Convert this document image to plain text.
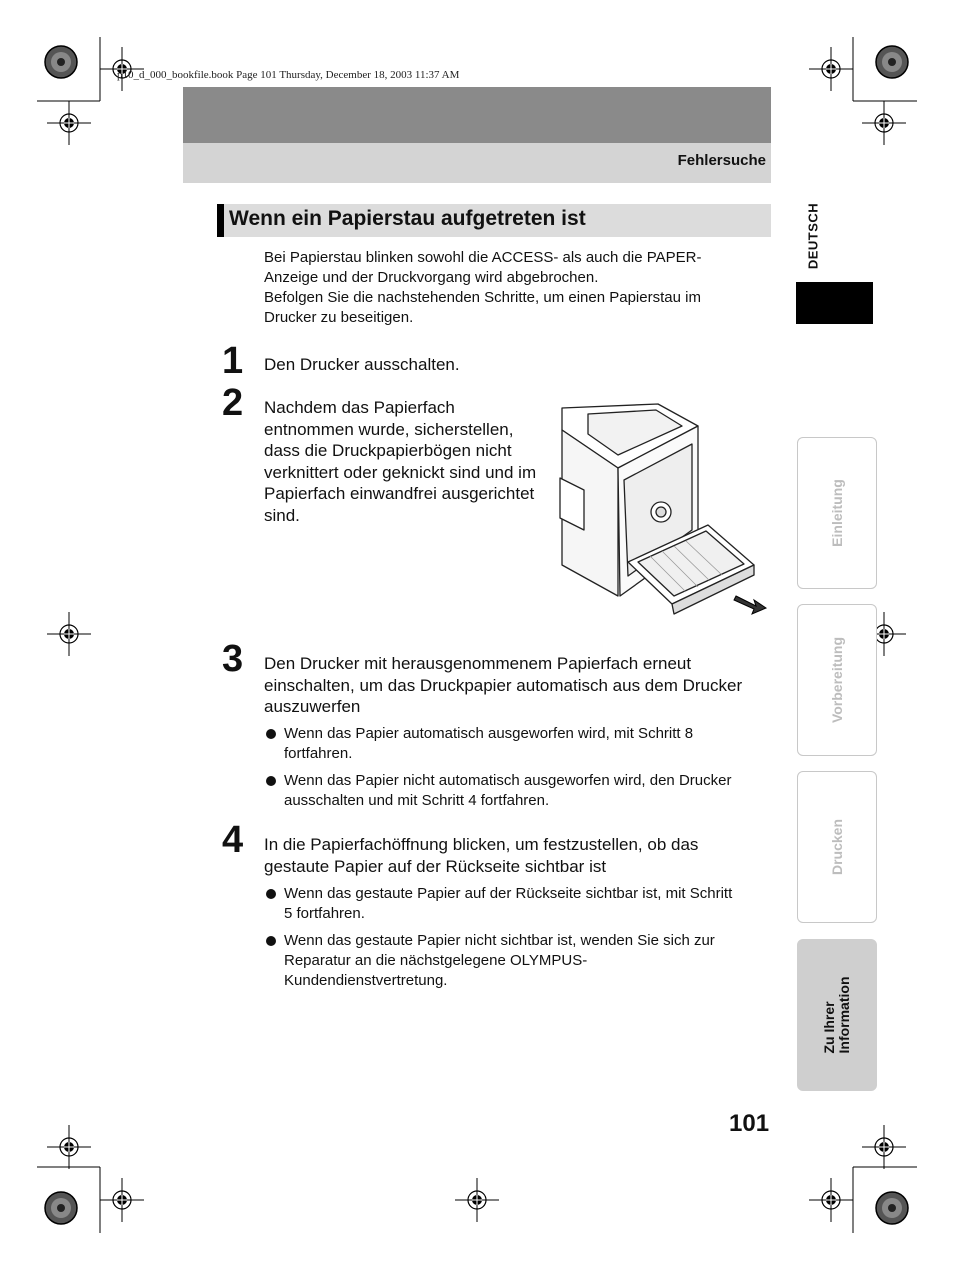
p10_d_000_bookfile.book Page 101 Thursday, December 18, 2003 11:37 AM
Fehlersuche
Wenn ein Papierstau aufgetreten ist
Bei Papierstau blinken sowohl die ACCESS- als auch die PAPER-
Anzeige und der Druckvorgang wird abgebrochen.
Befolgen Sie die nachstehenden Schritte, um einen Papierstau im
Drucker zu beseitigen.
1 Den Drucker ausschalten.
2 Nachdem das Papierfach
entnommen wurde, sicherstellen,
dass die Druckpapierbögen nicht
verknittert oder geknickt sind und im
Papierfach einwandfrei ausgerichtet
sind.
3 Den Drucker mit herausgenommenem Papierfach erneut
einschalten, um das Druckpapier automatisch aus dem Drucker
auszuwerfen
Wenn das Papier automatisch ausgeworfen wird, mit Schritt 8
fortfahren.
Wenn das Papier nicht automatisch ausgeworfen wird, den Drucker
ausschalten und mit Schritt 4 fortfahren.
4 In die Papierfachöffnung blicken, um festzustellen, ob das
gestaute Papier auf der Rückseite sichtbar ist
Wenn das gestaute Papier auf der Rückseite sichtbar ist, mit Schritt
5 fortfahren.
Wenn das gestaute Papier nicht sichtbar ist, wenden Sie sich zur
Reparatur an die nächstgelegene OLYMPUS-
Kundendienstvertretung.
DEUTSCH
Einleitung
Vorbereitung
Drucken
Zu Ihrer Information
101
